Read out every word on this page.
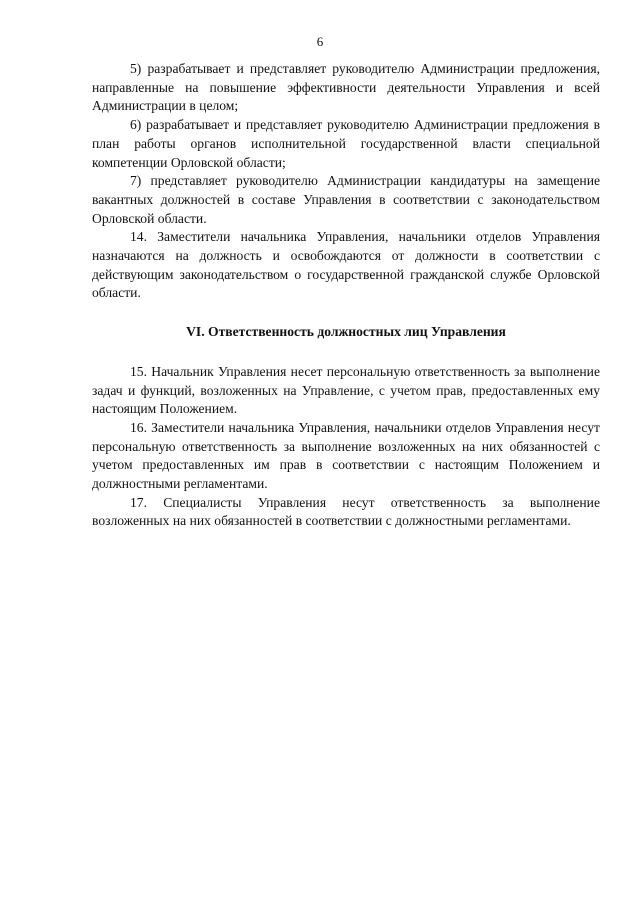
6

5) разрабатывает и представляет руководителю Администрации предложения, направленные на повышение эффективности деятельности Управления и всей Администрации в целом;

6) разрабатывает и представляет руководителю Администрации предложения в план работы органов исполнительной государственной власти специальной компетенции Орловской области;

7) представляет руководителю Администрации кандидатуры на замещение вакантных должностей в составе Управления в соответствии с законодательством Орловской области.

14. Заместители начальника Управления, начальники отделов Управления назначаются на должность и освобождаются от должности в соответствии с действующим законодательством о государственной гражданской службе Орловской области.

VI. Ответственность должностных лиц Управления

15. Начальник Управления несет персональную ответственность за выполнение задач и функций, возложенных на Управление, с учетом прав, предоставленных ему настоящим Положением.

16. Заместители начальника Управления, начальники отделов Управления несут персональную ответственность за выполнение возложенных на них обязанностей с учетом предоставленных им прав в соответствии с настоящим Положением и должностными регламентами.

17. Специалисты Управления несут ответственность за выполнение возложенных на них обязанностей в соответствии с должностными регламентами.
